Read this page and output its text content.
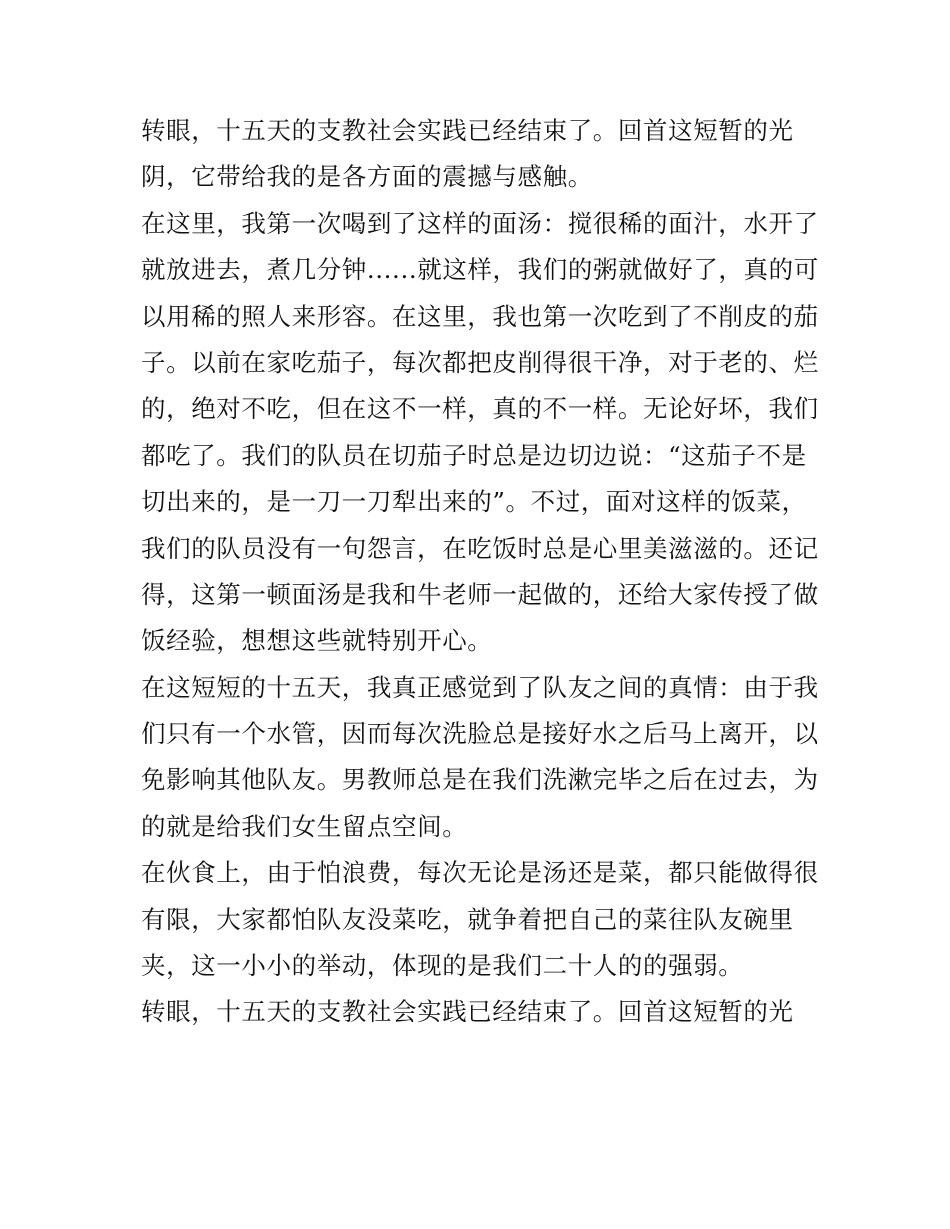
转眼，十五天的支教社会实践已经结束了。回首这短暂的光
阴，它带给我的是各方面的震撼与感触。
在这里，我第一次喝到了这样的面汤：搅很稀的面汁，水开了
就放进去，煮几分钟......就这样，我们的粥就做好了，真的可
以用稀的照人来形容。在这里，我也第一次吃到了不削皮的茄
子。以前在家吃茄子，每次都把皮削得很干净，对于老的、烂
的，绝对不吃，但在这不一样，真的不一样。无论好坏，我们
都吃了。我们的队员在切茄子时总是边切边说：“这茄子不是
切出来的，是一刀一刀犁出来的”。不过，面对这样的饭菜，
我们的队员没有一句怨言，在吃饭时总是心里美滋滋的。还记
得，这第一顿面汤是我和牛老师一起做的，还给大家传授了做
饭经验，想想这些就特别开心。
在这短短的十五天，我真正感觉到了队友之间的真情：由于我
们只有一个水管，因而每次洗脸总是接好水之后马上离开，以
免影响其他队友。男教师总是在我们洗漱完毕之后在过去，为
的就是给我们女生留点空间。
在伙食上，由于怕浪费，每次无论是汤还是菜，都只能做得很
有限，大家都怕队友没菜吃，就争着把自己的菜往队友碗里
夹，这一小小的举动，体现的是我们二十人的的强弱。
转眼，十五天的支教社会实践已经结束了。回首这短暂的光
